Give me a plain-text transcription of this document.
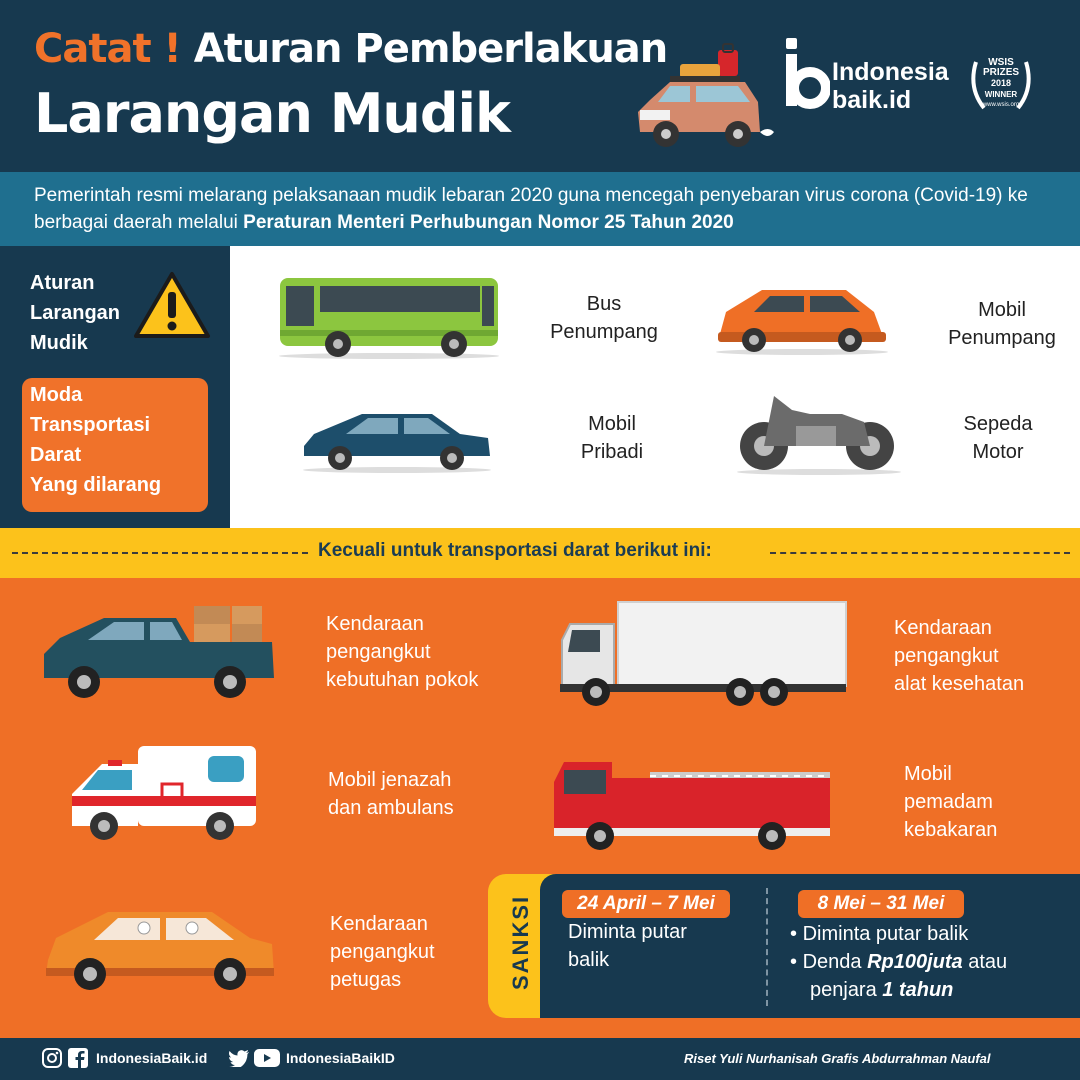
Catat ! Aturan Pemberlakuan
Larangan Mudik
Indonesia
baik.id
WSIS
PRIZES
2018
WINNER
www.wsis.org

Pemerintah resmi melarang pelaksanaan mudik lebaran 2020 guna mencegah penyebaran virus corona (Covid-19) ke berbagai daerah melalui Peraturan Menteri Perhubungan Nomor 25 Tahun 2020

Aturan
Larangan
Mudik
Moda
Transportasi
Darat
Yang dilarang
Bus
Penumpang
Mobil
Penumpang
Mobil
Pribadi
Sepeda
Motor
Kecuali untuk transportasi darat berikut ini:
Kendaraan
pengangkut
kebutuhan pokok
Kendaraan
pengangkut
alat kesehatan
Mobil jenazah
dan ambulans
Mobil
pemadam
kebakaran
Kendaraan
pengangkut
petugas	SANKSI	24 April – 7 Mei
Diminta putar
balik
8 Mei – 31 Mei
• Diminta putar balik
• Denda Rp100juta atau
penjara 1 tahun
IndonesiaBaik.id	IndonesiaBaikID	Riset Yuli Nurhanisah Grafis Abdurrahman Naufal
